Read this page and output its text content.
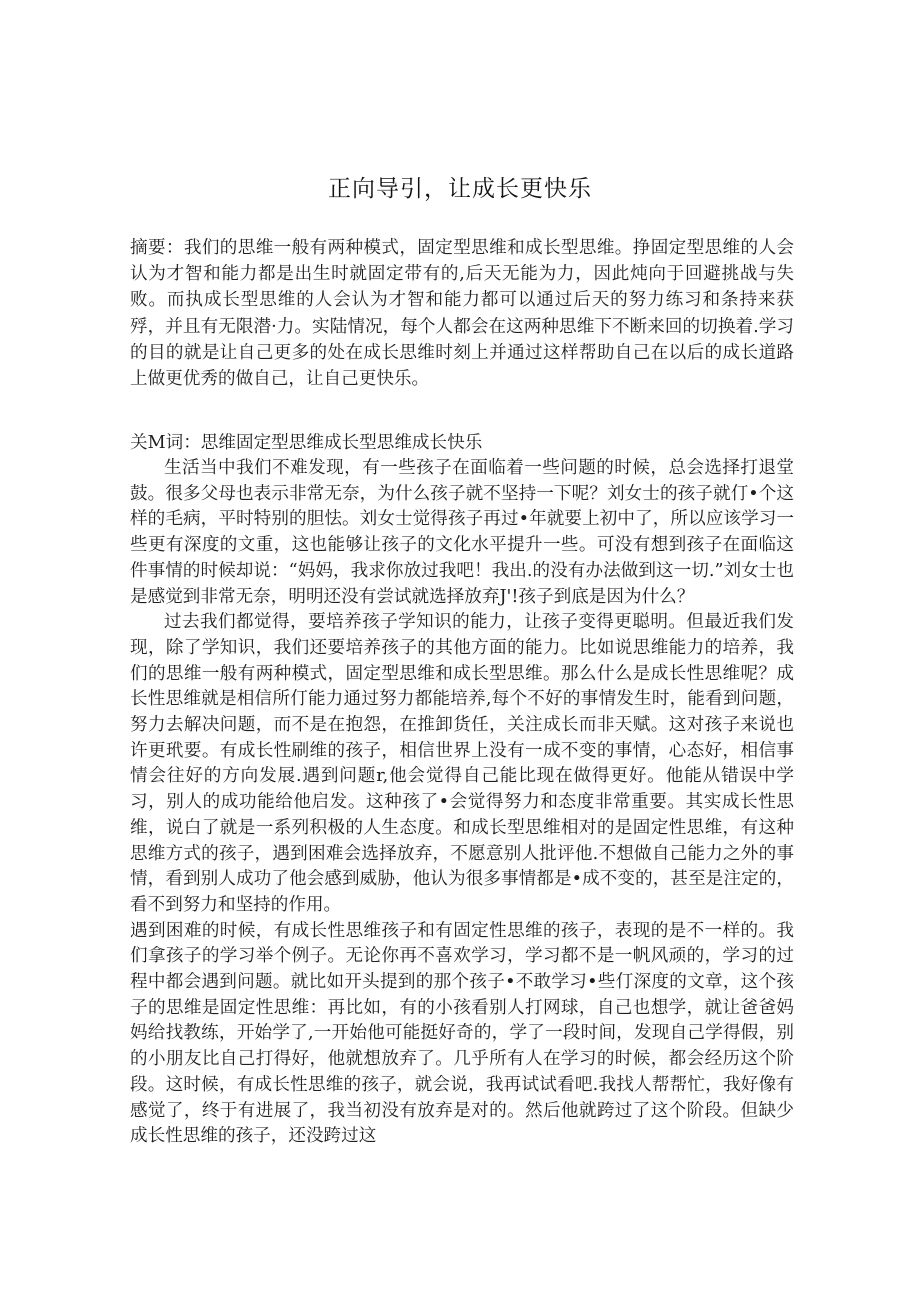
正向导引，让成长更快乐

摘要：我们的思维一般有两种模式，固定型思维和成长型思维。挣固定型思维的人会认为才智和能力都是出生时就固定带有的,后天无能为力，因此炖向于回避挑战与失败。而执成长型思维的人会认为才智和能力都可以通过后天的努力练习和条持来获殍，并且有无限潜·力。实陆情况，每个人都会在这两种思维下不断来回的切换着.学习的目的就是让自己更多的处在成长思维时刻上并通过这样帮助自己在以后的成长道路上做更优秀的做自己，让自己更快乐。

关M词：思维固定型思维成长型思维成长快乐

生活当中我们不难发现，有一些孩子在面临着一些问题的时候，总会选择打退堂鼓。很多父母也表示非常无奈，为什么孩子就不坚持一下呢？刘女士的孩子就仃•个这样的毛病，平时特别的胆怯。刘女士觉得孩子再过•年就要上初中了，所以应该学习一些更有深度的文重，这也能够让孩子的文化水平提升一些。可没有想到孩子在面临这件事情的时候却说：“妈妈，我求你放过我吧！我出.的没有办法做到这一切.”刘女士也是感觉到非常无奈，明明还没有尝试就选择放弃J'!孩子到底是因为什么？

过去我们都觉得，要培养孩子学知识的能力，让孩子变得更聪明。但最近我们发现，除了学知识，我们还要培养孩子的其他方面的能力。比如说思维能力的培养，我们的思维一般有两种模式，固定型思维和成长型思维。那么什么是成长性思维呢？成长性思维就是相信所仃能力通过努力都能培养,每个不好的事情发生时，能看到问题，努力去解决问题，而不是在抱怨，在推卸货任，关注成长而非天赋。这对孩子来说也许更玳要。有成长性刷维的孩子，相信世界上没有一成不变的事情，心态好，相信事情会往好的方向发展.遇到问题r,他会觉得自己能比现在做得更好。他能从错误中学习，别人的成功能给他启发。这种孩了•会觉得努力和态度非常重要。其实成长性思维，说白了就是一系列积极的人生态度。和成长型思维相对的是固定性思维，有这种思维方式的孩子，遇到困难会选择放弃，不愿意别人批评他.不想做自己能力之外的事情，看到别人成功了他会感到威胁，他认为很多事情都是•成不变的，甚至是注定的，看不到努力和坚持的作用。

遇到困难的时候，有成长性思维孩子和有固定性思维的孩子，表现的是不一样的。我们拿孩子的学习举个例子。无论你再不喜欢学习，学习都不是一帆风顽的，学习的过程中都会遇到问题。就比如开头提到的那个孩子•不敢学习•些仃深度的文章，这个孩子的思维是固定性思维：再比如，有的小孩看别人打网球，自己也想学，就让爸爸妈妈给找教练，开始学了,一开始他可能挺好奇的，学了一段时间，发现自己学得假，别的小朋友比自己打得好，他就想放弃了。几乎所有人在学习的时候，都会经历这个阶段。这时候，有成长性思维的孩子，就会说，我再试试看吧.我找人帮帮忙，我好像有感觉了，终于有进展了，我当初没有放弃是对的。然后他就跨过了这个阶段。但缺少成长性思维的孩子，还没跨过这
